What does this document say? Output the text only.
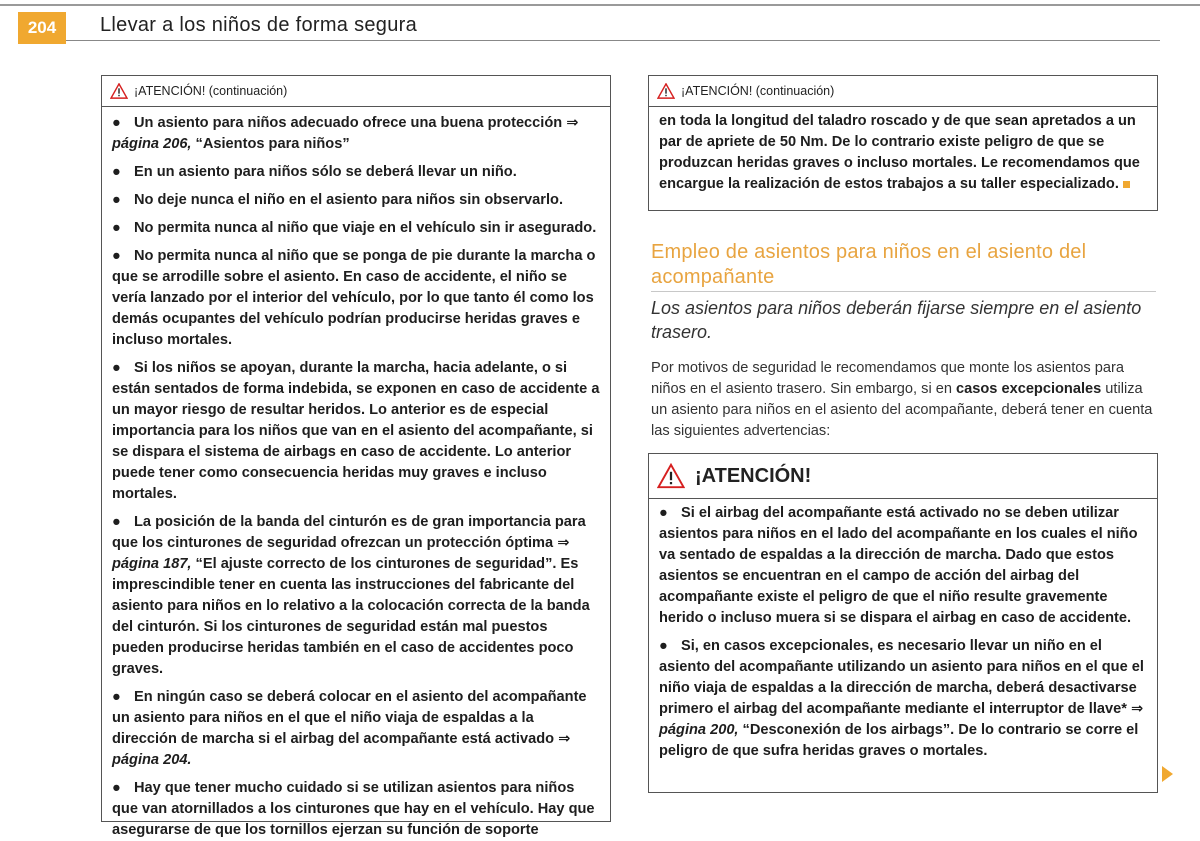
204	Llevar a los niños de forma segura
¡ATENCIÓN! (continuación)
● Un asiento para niños adecuado ofrece una buena protección ⇒ página 206, “Asientos para niños”
● En un asiento para niños sólo se deberá llevar un niño.
● No deje nunca el niño en el asiento para niños sin observarlo.
● No permita nunca al niño que viaje en el vehículo sin ir asegurado.
● No permita nunca al niño que se ponga de pie durante la marcha o que se arrodille sobre el asiento. En caso de accidente, el niño se vería lanzado por el interior del vehículo, por lo que tanto él como los demás ocupantes del vehículo podrían producirse heridas graves e incluso mortales.
● Si los niños se apoyan, durante la marcha, hacia adelante, o si están sentados de forma indebida, se exponen en caso de accidente a un mayor riesgo de resultar heridos. Lo anterior es de especial importancia para los niños que van en el asiento del acompañante, si se dispara el sistema de airbags en caso de accidente. Lo anterior puede tener como consecuencia heridas muy graves e incluso mortales.
● La posición de la banda del cinturón es de gran importancia para que los cinturones de seguridad ofrezcan un protección óptima ⇒ página 187, “El ajuste correcto de los cinturones de seguridad”. Es imprescindible tener en cuenta las instrucciones del fabricante del asiento para niños en lo relativo a la colocación correcta de la banda del cinturón. Si los cinturones de seguridad están mal puestos pueden producirse heridas también en el caso de accidentes poco graves.
● En ningún caso se deberá colocar en el asiento del acompañante un asiento para niños en el que el niño viaja de espaldas a la dirección de marcha si el airbag del acompañante está activado ⇒ página 204.
● Hay que tener mucho cuidado si se utilizan asientos para niños que van atornillados a los cinturones que hay en el vehículo. Hay que asegurarse de que los tornillos ejerzan su función de soporte
¡ATENCIÓN! (continuación)
en toda la longitud del taladro roscado y de que sean apretados a un par de apriete de 50 Nm. De lo contrario existe peligro de que se produzcan heridas graves o incluso mortales. Le recomendamos que encargue la realización de estos trabajos a su taller especializado.
Empleo de asientos para niños en el asiento del acompañante
Los asientos para niños deberán fijarse siempre en el asiento trasero.
Por motivos de seguridad le recomendamos que monte los asientos para niños en el asiento trasero. Sin embargo, si en casos excepcionales utiliza un asiento para niños en el asiento del acompañante, deberá tener en cuenta las siguientes advertencias:
¡ATENCIÓN!
● Si el airbag del acompañante está activado no se deben utilizar asientos para niños en el lado del acompañante en los cuales el niño va sentado de espaldas a la dirección de marcha. Dado que estos asientos se encuentran en el campo de acción del airbag del acompañante existe el peligro de que el niño resulte gravemente herido o incluso muera si se dispara el airbag en caso de accidente.
● Si, en casos excepcionales, es necesario llevar un niño en el asiento del acompañante utilizando un asiento para niños en el que el niño viaja de espaldas a la dirección de marcha, deberá desactivarse primero el airbag del acompañante mediante el interruptor de llave* ⇒ página 200, “Desconexión de los airbags”. De lo contrario se corre el peligro de que sufra heridas graves o mortales.
